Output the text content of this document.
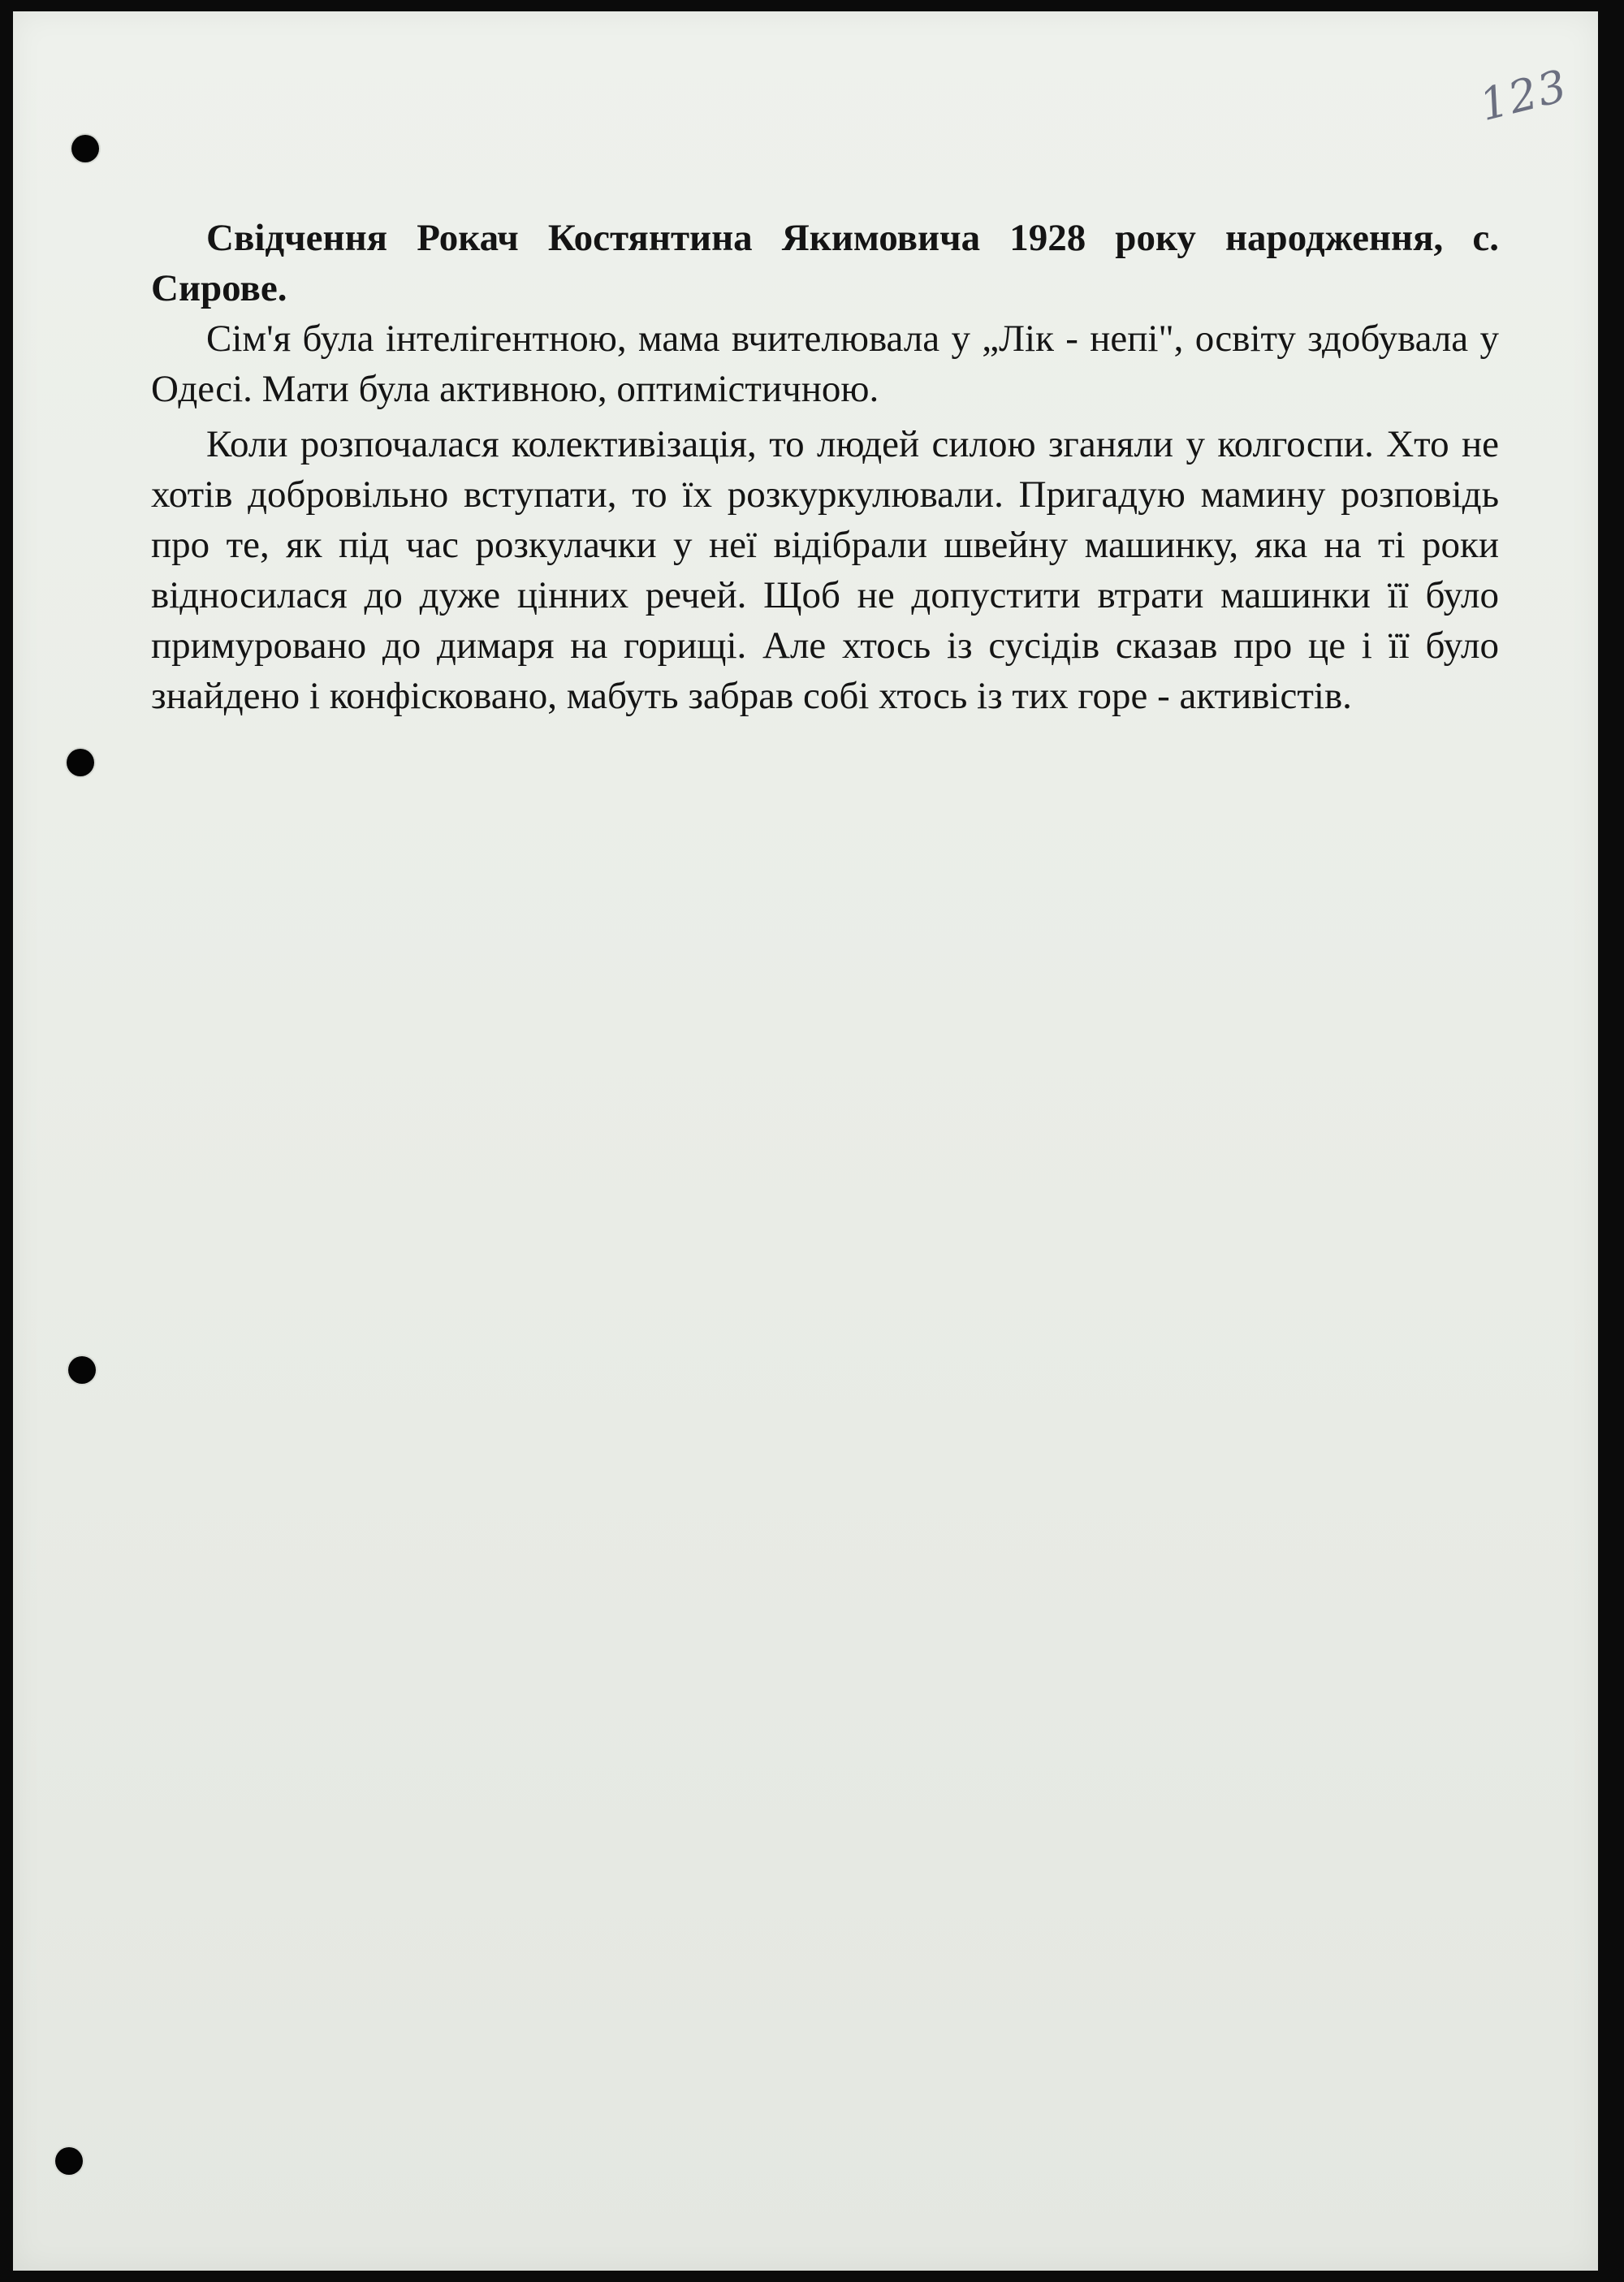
123

Свідчення Рокач Костянтина Якимовича 1928 року народження, с. Сирове.

Сім'я була інтелігентною, мама вчителювала у „Лік - непі", освіту здобувала у Одесі. Мати була активною, оптимістичною.

Коли розпочалася колективізація, то людей силою зганяли у колгоспи. Хто не хотів добровільно вступати, то їх розкуркулювали. Пригадую мамину розповідь про те, як під час розкулачки у неї відібрали швейну машинку, яка на ті роки відносилася до дуже цінних речей. Щоб не допустити втрати машинки її було примуровано до димаря на горищі. Але хтось із сусідів сказав про це і її було знайдено і конфісковано, мабуть забрав собі хтось із тих горе - активістів.
